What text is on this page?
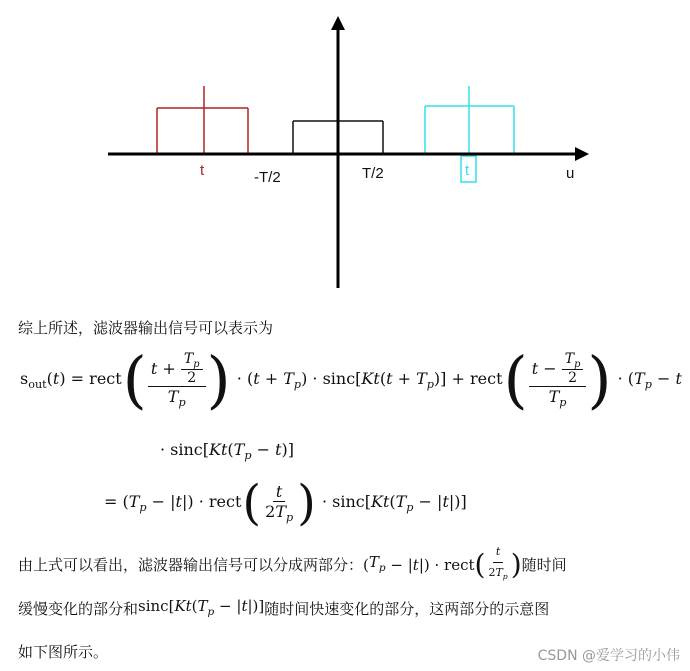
t	-T/2	T/2	t	u
综上所述，滤波器输出信号可以表示为
$s_{out}(t)$ = rect ( $\frac{t + \frac{T_p}{2}}{T_p}$ ) · $(t + T_p) \cdot \sin c[Kt(t + T_p)]$ + rect ( $\frac{t - \frac{T_p}{2}}{T_p}$ ) · ($T_p - t$
· $\sin c[Kt(T_p - t)]$
= $(T_p - |t|)$ · rect ( $\frac{t}{2T_p}$ ) · $\sin c[Kt(T_p - |t|)]$
由上式可以看出，滤波器输出信号可以分成两部分： ( $T_p$ − | t |) · rect ( $\frac{t}{2T_p}$ ) 随时间
缓慢变化的部分和 $\sin c[Kt(T_p - |t|)]$ 随时间快速变化的部分，这两部分的示意图
如下图所示。	CSDN @爱学习的小伟
